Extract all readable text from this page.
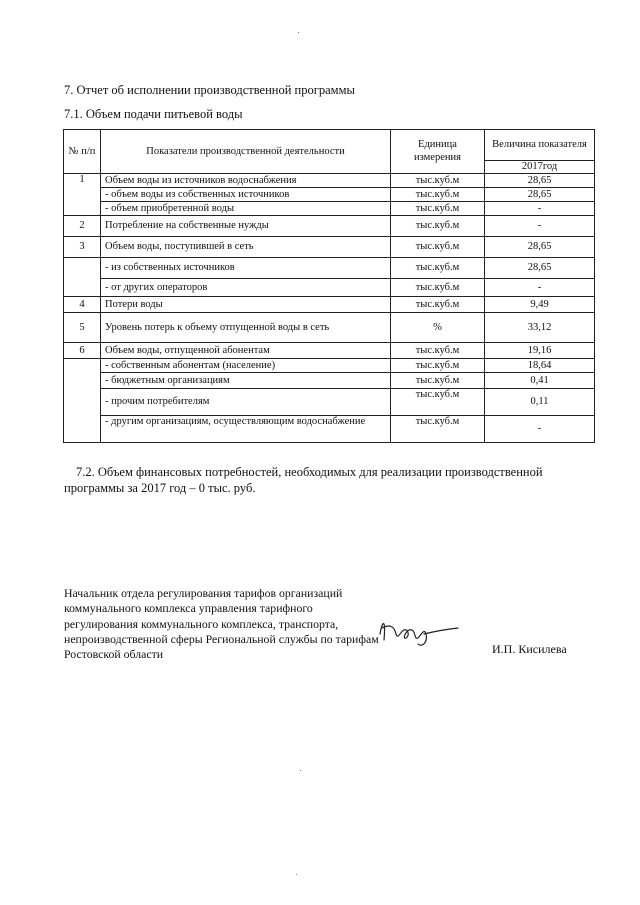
7. Отчет об исполнении производственной программы
7.1. Объем подачи питьевой воды
№ п/п	Показатели производственной деятельности	Единица измерения	Величина показателя
			2017год
1	Объем воды из источников водоснабжения	тыс.куб.м	28,65
	- объем воды из собственных источников	тыс.куб.м	28,65
	- объем приобретенной воды	тыс.куб.м	-
2	Потребление на собственные нужды	тыс.куб.м	-
3	Объем воды, поступившей в сеть	тыс.куб.м	28,65
	- из собственных источников	тыс.куб.м	28,65
	- от других операторов	тыс.куб.м	-
4	Потери воды	тыс.куб.м	9,49
5	Уровень потерь к объему отпущенной воды в сеть	%	33,12
6	Объем воды, отпущенной абонентам	тыс.куб.м	19,16
	- собственным абонентам (население)	тыс.куб.м	18,64
	- бюджетным организациям	тыс.куб.м	0,41
	- прочим потребителям	тыс.куб.м	0,11
	- другим организациям, осуществляющим водоснабжение	тыс.куб.м	-
7.2. Объем финансовых потребностей, необходимых для реализации производственной программы за 2017 год – 0 тыс. руб.
Начальник отдела регулирования тарифов организаций коммунального комплекса управления тарифного регулирования коммунального комплекса, транспорта, непроизводственной сферы Региональной службы по тарифам Ростовской области	И.П. Кисилева
